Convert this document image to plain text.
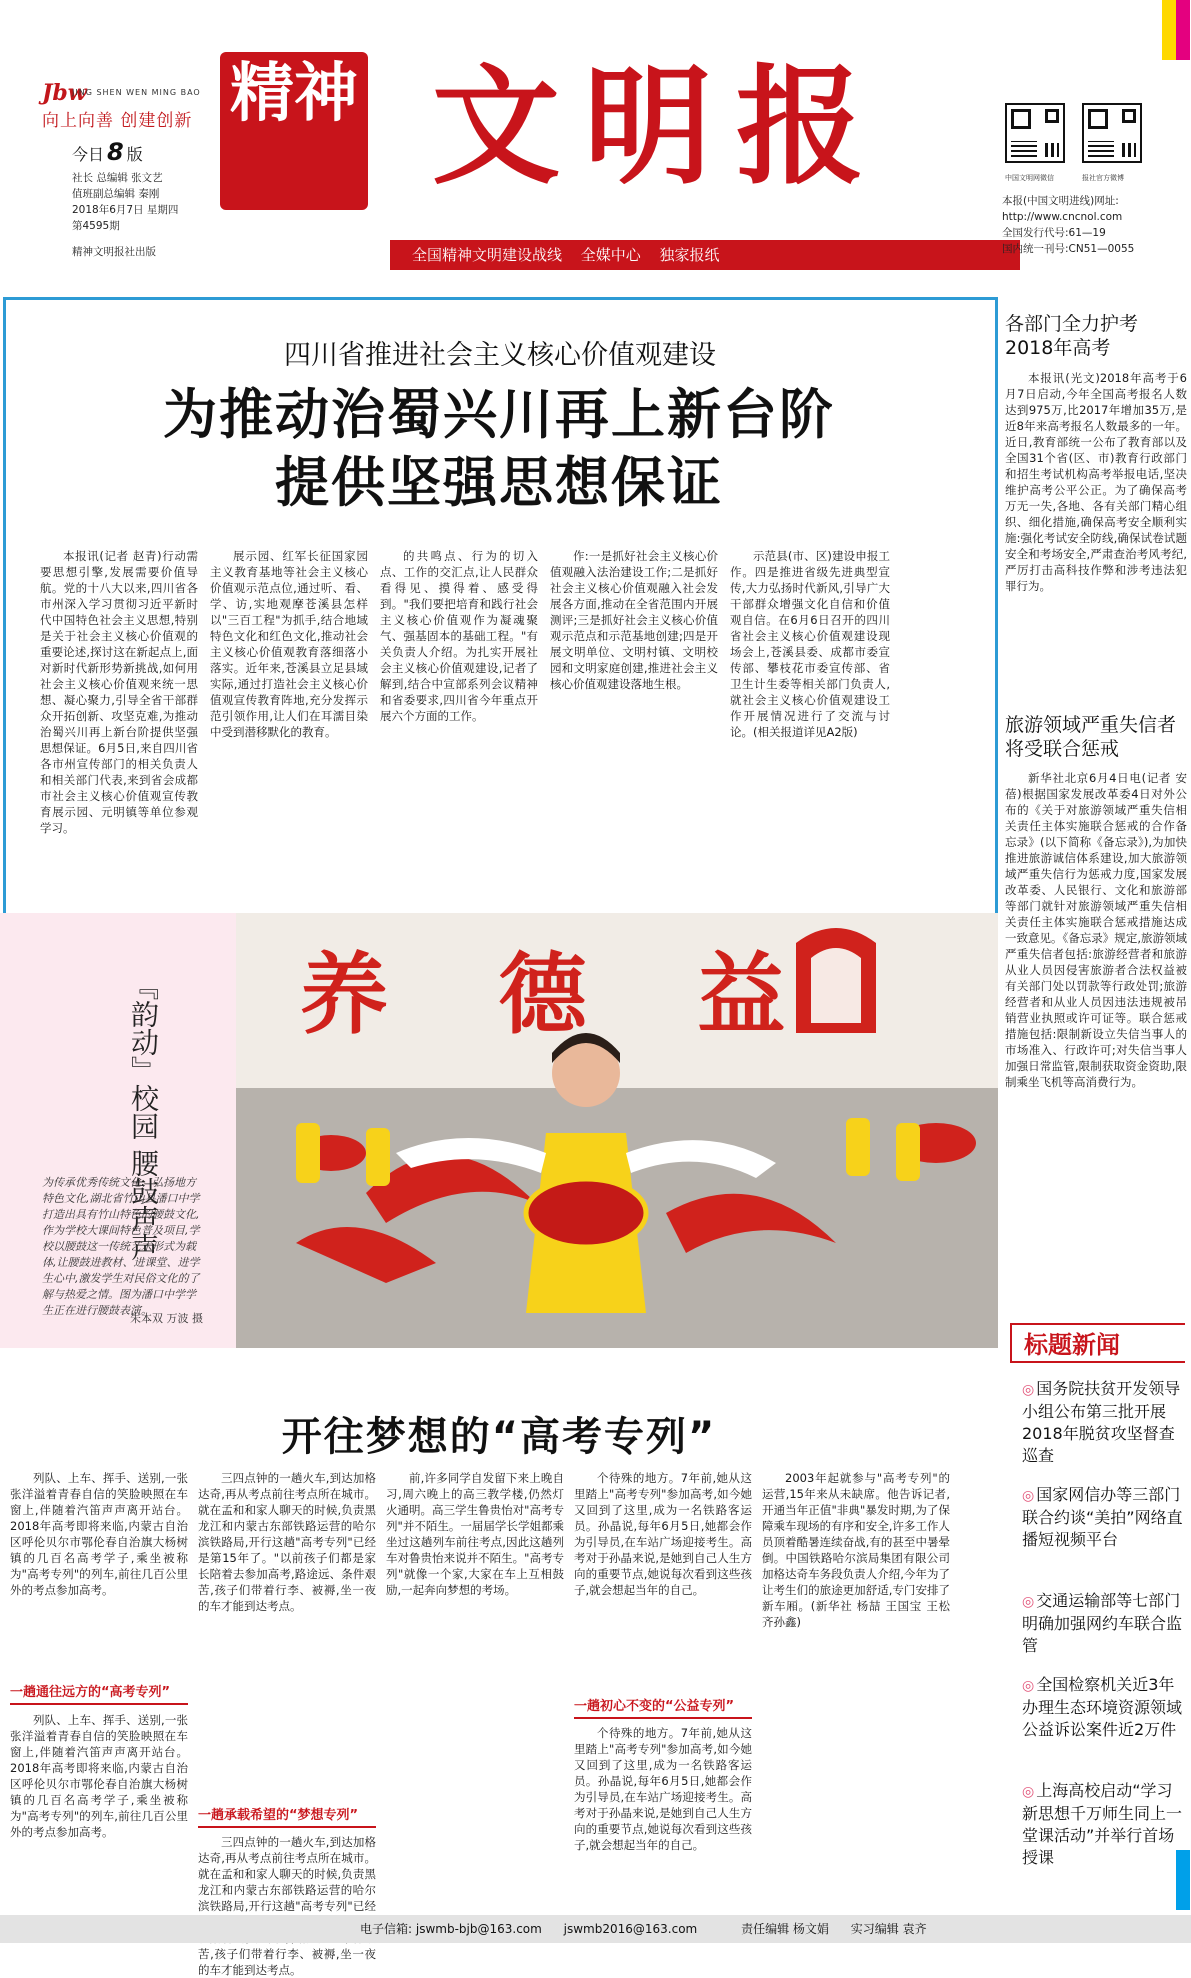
Jbw
JING SHEN WEN MING BAO
向上向善 创建创新
今日 8 版
社长 总编辑 张文艺
值班副总编辑 秦刚
2018年6月7日 星期四
第4595期
精神文明报社出版
精神 文明报
全国精神文明建设战线 全媒中心 独家报纸
中国文明网微信	报社官方微博
本报(中国文明进线)网址:
http://www.cncnol.com
全国发行代号:61—19
国内统一刊号:CN51—0055
四川省推进社会主义核心价值观建设
为推动治蜀兴川再上新台阶
提供坚强思想保证

本报讯(记者 赵青)行动需要思想引擎,发展需要价值导航。党的十八大以来,四川省各市州深入学习贯彻习近平新时代中国特色社会主义思想,特别是关于社会主义核心价值观的重要论述,探讨这在新起点上,面对新时代新形势新挑战,如何用社会主义核心价值观来统一思想、凝心聚力,引导全省干部群众开拓创新、攻坚克难,为推动治蜀兴川再上新台阶提供坚强思想保证。6月5日,来自四川省各市州宣传部门的相关负责人和相关部门代表,来到省会成都市社会主义核心价值观宣传教育展示园、元明镇等单位参观学习。

展示园、红军长征国家园主义教育基地等社会主义核心价值观示范点位,通过听、看、学、访,实地观摩苍溪县怎样以"三百工程"为抓手,结合地域特色文化和红色文化,推动社会主义核心价值观教育落细落小落实。近年来,苍溪县立足县域实际,通过打造社会主义核心价值观宣传教育阵地,充分发挥示范引领作用,让人们在耳濡目染中受到潜移默化的教育。

的共鸣点、行为的切入点、工作的交汇点,让人民群众看得见、摸得着、感受得到。"我们要把培育和践行社会主义核心价值观作为凝魂聚气、强基固本的基础工程。"有关负责人介绍。为扎实开展社会主义核心价值观建设,记者了解到,结合中宣部系列会议精神和省委要求,四川省今年重点开展六个方面的工作。

作:一是抓好社会主义核心价值观融入法治建设工作;二是抓好社会主义核心价值观融入社会发展各方面,推动在全省范围内开展测评;三是抓好社会主义核心价值观示范点和示范基地创建;四是开展文明单位、文明村镇、文明校园和文明家庭创建,推进社会主义核心价值观建设落地生根。

示范县(市、区)建设申报工作。四是推进省级先进典型宣传,大力弘扬时代新风,引导广大干部群众增强文化自信和价值观自信。在6月6日召开的四川省社会主义核心价值观建设现场会上,苍溪县委、成都市委宣传部、攀枝花市委宣传部、省卫生计生委等相关部门负责人,就社会主义核心价值观建设工作开展情况进行了交流与讨论。(相关报道详见A2版)

『韵动』校园 腰鼓声声
为传承优秀传统文化、弘扬地方特色文化,湖北省竹山县潘口中学打造出具有竹山特色的腰鼓文化,作为学校大课间特色普及项目,学校以腰鼓这一传统艺术形式为载体,让腰鼓进教材、进课堂、进学生心中,激发学生对民俗文化的了解与热爱之情。图为潘口中学学生正在进行腰鼓表演。
朱本双 万波 摄
养 德 益
开往梦想的“高考专列”

列队、上车、挥手、送别,一张张洋溢着青春自信的笑脸映照在车窗上,伴随着汽笛声声离开站台。2018年高考即将来临,内蒙古自治区呼伦贝尔市鄂伦春自治旗大杨树镇的几百名高考学子,乘坐被称为"高考专列"的列车,前往几百公里外的考点参加高考。

一趟通往远方的“高考专列”

列队、上车、挥手、送别,一张张洋溢着青春自信的笑脸映照在车窗上,伴随着汽笛声声离开站台。2018年高考即将来临,内蒙古自治区呼伦贝尔市鄂伦春自治旗大杨树镇的几百名高考学子,乘坐被称为"高考专列"的列车,前往几百公里外的考点参加高考。

三四点钟的一趟火车,到达加格达奇,再从考点前往考点所在城市。就在孟和和家人聊天的时候,负责黑龙江和内蒙古东部铁路运营的哈尔滨铁路局,开行这趟"高考专列"已经是第15年了。"以前孩子们都是家长陪着去参加高考,路途远、条件艰苦,孩子们带着行李、被褥,坐一夜的车才能到达考点。

一趟承载希望的“梦想专列”

三四点钟的一趟火车,到达加格达奇,再从考点前往考点所在城市。就在孟和和家人聊天的时候,负责黑龙江和内蒙古东部铁路运营的哈尔滨铁路局,开行这趟"高考专列"已经 苦,孩子们带着行李、被褥,坐一夜的车才能到达考点。

前,许多同学自发留下来上晚自习,周六晚上的高三教学楼,仍然灯火通明。高三学生鲁贵怡对"高考专列"并不陌生。一届届学长学姐都乘坐过这趟列车前往考点,因此这趟列车对鲁贵怡来说并不陌生。"高考专列"就像一个家,大家在车上互相鼓励,一起奔向梦想的考场。

个待殊的地方。7年前,她从这里踏上"高考专列"参加高考,如今她又回到了这里,成为一名铁路客运员。孙晶说,每年6月5日,她都会作为引导员,在车站广场迎接考生。高考对于孙晶来说,是她到自己人生方向的重要节点,她说每次看到这些孩子,就会想起当年的自己。

一趟初心不变的“公益专列”

个待殊的地方。7年前,她从这里踏上"高考专列"参加高考,如今她又回到了这里,成为一名铁路客运员。孙晶说,每年6月5日,她都会作为引导员,在车站广场迎接考生。高考对于孙晶来说,是她到自己人生方向的重要节点,她说每次看到这些孩子,就会想起当年的自己。

2003年起就参与"高考专列"的运营,15年来从未缺席。他告诉记者,开通当年正值"非典"暴发时期,为了保障乘车现场的有序和安全,许多工作人员顶着酷暑连续奋战,有的甚至中暑晕倒。中国铁路哈尔滨局集团有限公司加格达奇车务段负责人介绍,今年为了让考生们的旅途更加舒适,专门安排了新车厢。(新华社 杨喆 王国宝 王松 齐孙鑫)

各部门全力护考2018年高考

本报讯(光文)2018年高考于6月7日启动,今年全国高考报名人数达到975万,比2017年增加35万,是近8年来高考报名人数最多的一年。近日,教育部统一公布了教育部以及全国31个省(区、市)教育行政部门和招生考试机构高考举报电话,坚决维护高考公平公正。为了确保高考万无一失,各地、各有关部门精心组织、细化措施,确保高考安全顺利实施:强化考试安全防线,确保试卷试题安全和考场安全,严肃查治考风考纪,严厉打击高科技作弊和涉考违法犯罪行为。

旅游领域严重失信者将受联合惩戒

新华社北京6月4日电(记者 安蓓)根据国家发展改革委4日对外公布的《关于对旅游领域严重失信相关责任主体实施联合惩戒的合作备忘录》(以下简称《备忘录》),为加快推进旅游诚信体系建设,加大旅游领域严重失信行为惩戒力度,国家发展改革委、人民银行、文化和旅游部等部门就针对旅游领域严重失信相关责任主体实施联合惩戒措施达成一致意见。《备忘录》规定,旅游领域严重失信者包括:旅游经营者和旅游从业人员因侵害旅游者合法权益被有关部门处以罚款等行政处罚;旅游经营者和从业人员因违法违规被吊销营业执照或许可证等。联合惩戒措施包括:限制新设立失信当事人的市场准入、行政许可;对失信当事人加强日常监管,限制获取资金资助,限制乘坐飞机等高消费行为。

标题新闻
◎ 国务院扶贫开发领导小组公布第三批开展2018年脱贫攻坚督查巡查
◎ 国家网信办等三部门联合约谈“美拍”网络直播短视频平台
◎ 交通运输部等七部门明确加强网约车联合监管
◎ 全国检察机关近3年办理生态环境资源领域公益诉讼案件近2万件
◎ 上海高校启动“学习新思想千万师生同上一堂课活动”并举行首场授课
电子信箱: jswmb-bjb@163.com jswmb2016@163.com	责任编辑 杨文娟 实习编辑 袁齐
